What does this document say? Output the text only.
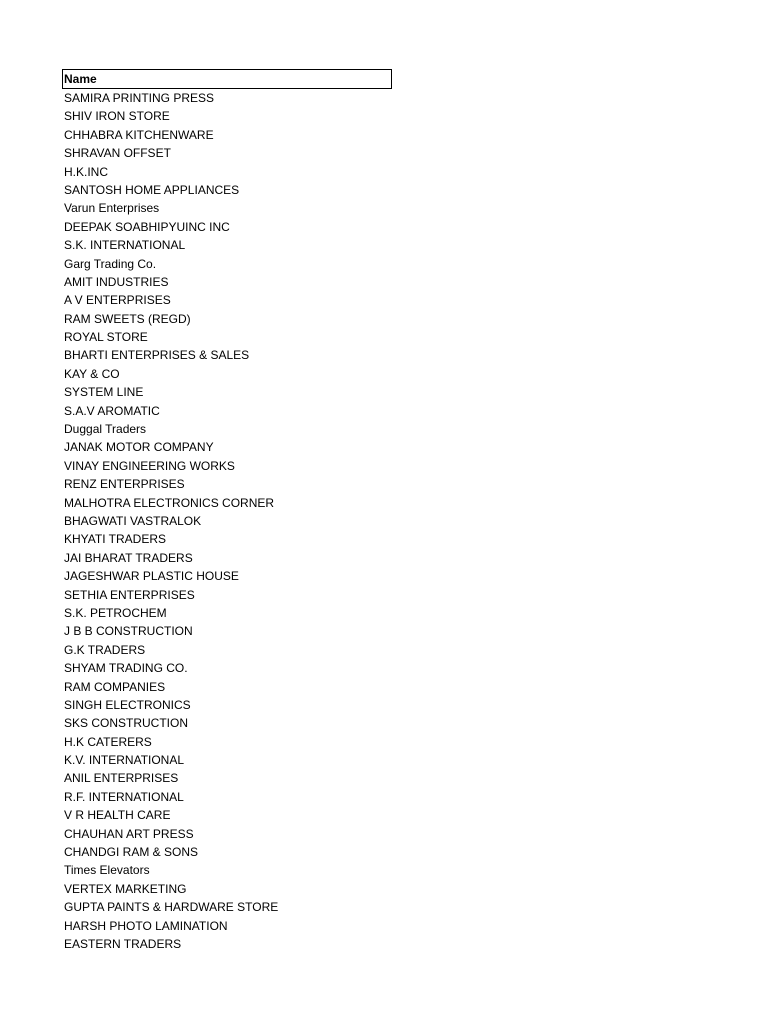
Name
SAMIRA PRINTING PRESS
SHIV IRON STORE
CHHABRA KITCHENWARE
SHRAVAN OFFSET
H.K.INC
SANTOSH HOME APPLIANCES
Varun Enterprises
DEEPAK SOABHIPYUINC INC
S.K. INTERNATIONAL
Garg Trading Co.
AMIT INDUSTRIES
A V ENTERPRISES
RAM SWEETS (REGD)
ROYAL STORE
BHARTI ENTERPRISES & SALES
KAY & CO
SYSTEM LINE
S.A.V AROMATIC
Duggal Traders
JANAK MOTOR COMPANY
VINAY ENGINEERING WORKS
RENZ ENTERPRISES
MALHOTRA ELECTRONICS CORNER
BHAGWATI VASTRALOK
KHYATI TRADERS
JAI BHARAT TRADERS
JAGESHWAR PLASTIC HOUSE
SETHIA ENTERPRISES
S.K. PETROCHEM
J B B CONSTRUCTION
G.K TRADERS
SHYAM TRADING CO.
RAM COMPANIES
SINGH ELECTRONICS
SKS CONSTRUCTION
H.K CATERERS
K.V. INTERNATIONAL
ANIL ENTERPRISES
R.F. INTERNATIONAL
V R HEALTH CARE
CHAUHAN ART PRESS
CHANDGI RAM & SONS
Times Elevators
VERTEX MARKETING
GUPTA PAINTS & HARDWARE STORE
HARSH PHOTO LAMINATION
EASTERN TRADERS
